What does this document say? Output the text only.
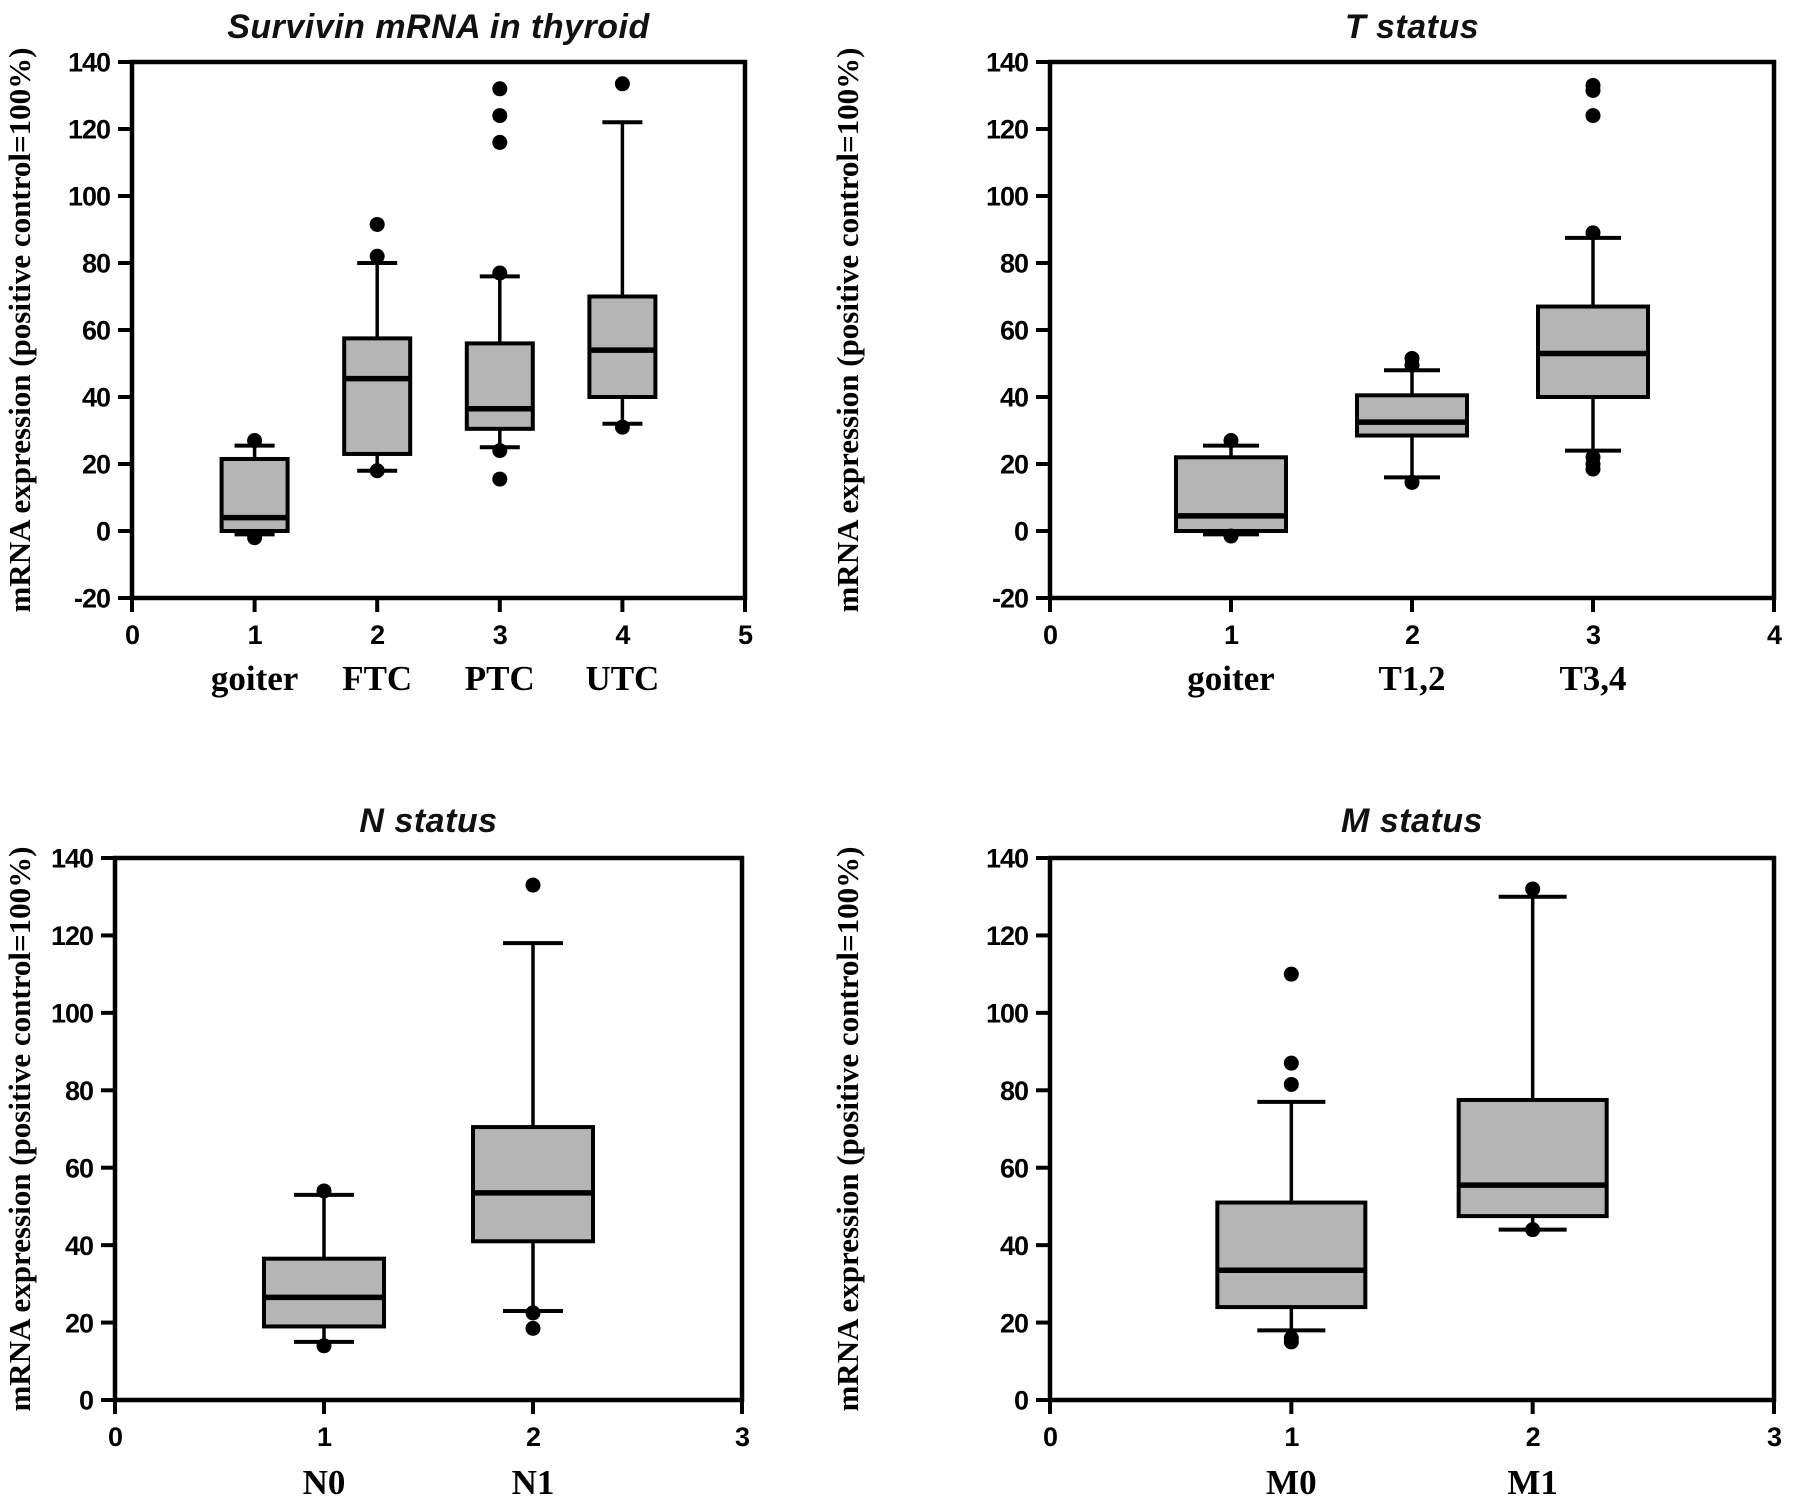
Survivin mRNA in thyroid
mRNA expression (positive control=100%) -20
0
20
40
60
80
100
120
140
0	1	2	3	4	5
goiter FTC PTC UTC
T status
mRNA expression (positive control=100%)	-20
0
20
40
60
80
100
120
140
0	1	2	3	4
goiter	T1,2	T3,4
N status
mRNA expression (positive control=100%) 0
20
40
60
80
100
120
140
0	1	2	3
N0	N1
M status
mRNA expression (positive control=100%)	0
20
40
60
80
100
120
140
0	1	2	3
M0	M1
